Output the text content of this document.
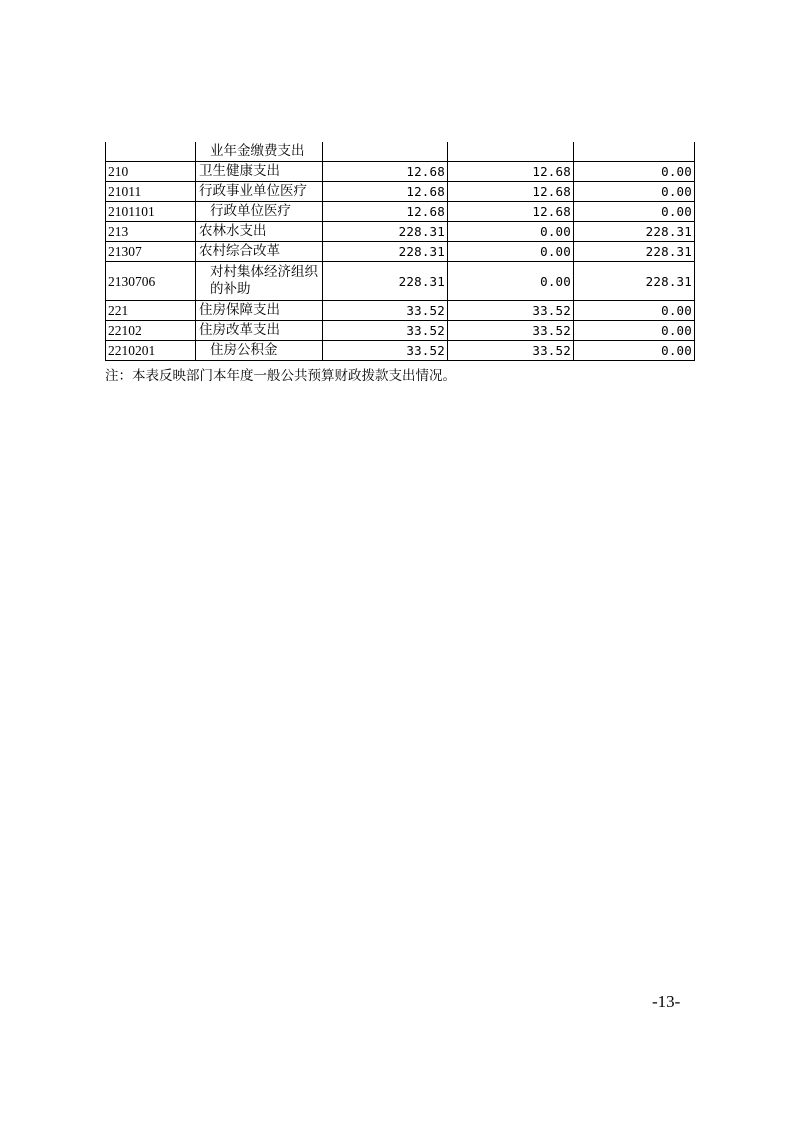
	业年金缴费支出			
210	卫生健康支出	12.68	12.68	0.00
21011	行政事业单位医疗	12.68	12.68	0.00
2101101	行政单位医疗	12.68	12.68	0.00
213	农林水支出	228.31	0.00	228.31
21307	农村综合改革	228.31	0.00	228.31
2130706	对村集体经济组织的补助	228.31	0.00	228.31
221	住房保障支出	33.52	33.52	0.00
22102	住房改革支出	33.52	33.52	0.00
2210201	住房公积金	33.52	33.52	0.00
注：本表反映部门本年度一般公共预算财政拨款支出情况。
-13-
